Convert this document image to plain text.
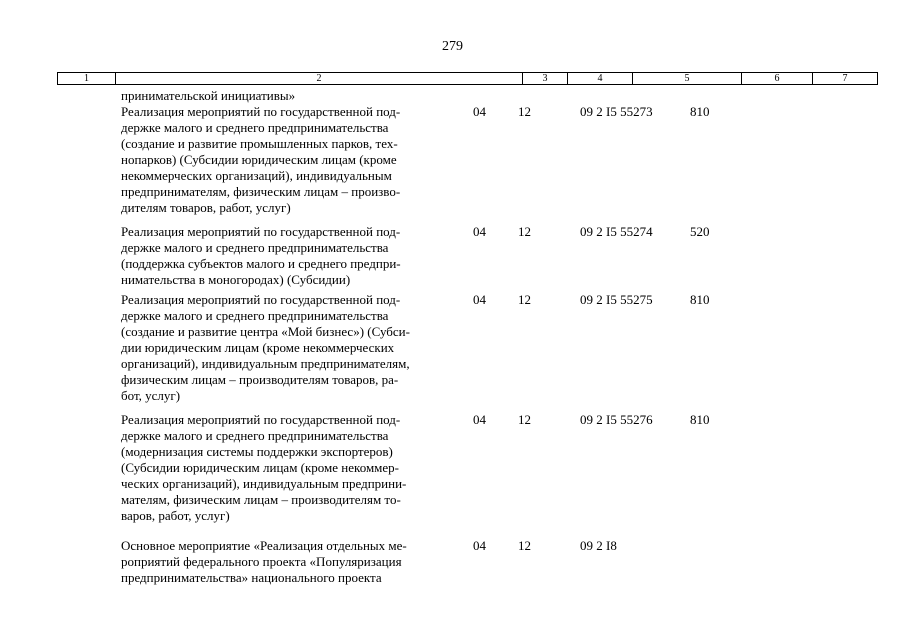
279
1	2	3	4	5	6	7
принимательской инициативы»
Реализация мероприятий по государственной под-
держке малого и среднего предпринимательства
(создание и развитие промышленных парков, тех-
нопарков) (Субсидии юридическим лицам (кроме
некоммерческих организаций), индивидуальным
предпринимателям, физическим лицам – произво-
дителям товаров, работ, услуг)
04 12	09 2 I5 55273	810
Реализация мероприятий по государственной под-
держке малого и среднего предпринимательства
(поддержка субъектов малого и среднего предпри-
нимательства в моногородах) (Субсидии)
04 12	09 2 I5 55274	520
Реализация мероприятий по государственной под-
держке малого и среднего предпринимательства
(создание и развитие центра «Мой бизнес») (Субси-
дии юридическим лицам (кроме некоммерческих
организаций), индивидуальным предпринимателям,
физическим лицам – производителям товаров, ра-
бот, услуг)
04 12	09 2 I5 55275	810
Реализация мероприятий по государственной под-
держке малого и среднего предпринимательства
(модернизация системы поддержки экспортеров)
(Субсидии юридическим лицам (кроме некоммер-
ческих организаций), индивидуальным предприни-
мателям, физическим лицам – производителям то-
варов, работ, услуг)
04 12	09 2 I5 55276	810
Основное мероприятие «Реализация отдельных ме-
роприятий федерального проекта «Популяризация
предпринимательства» национального проекта
04 12	09 2 I8
